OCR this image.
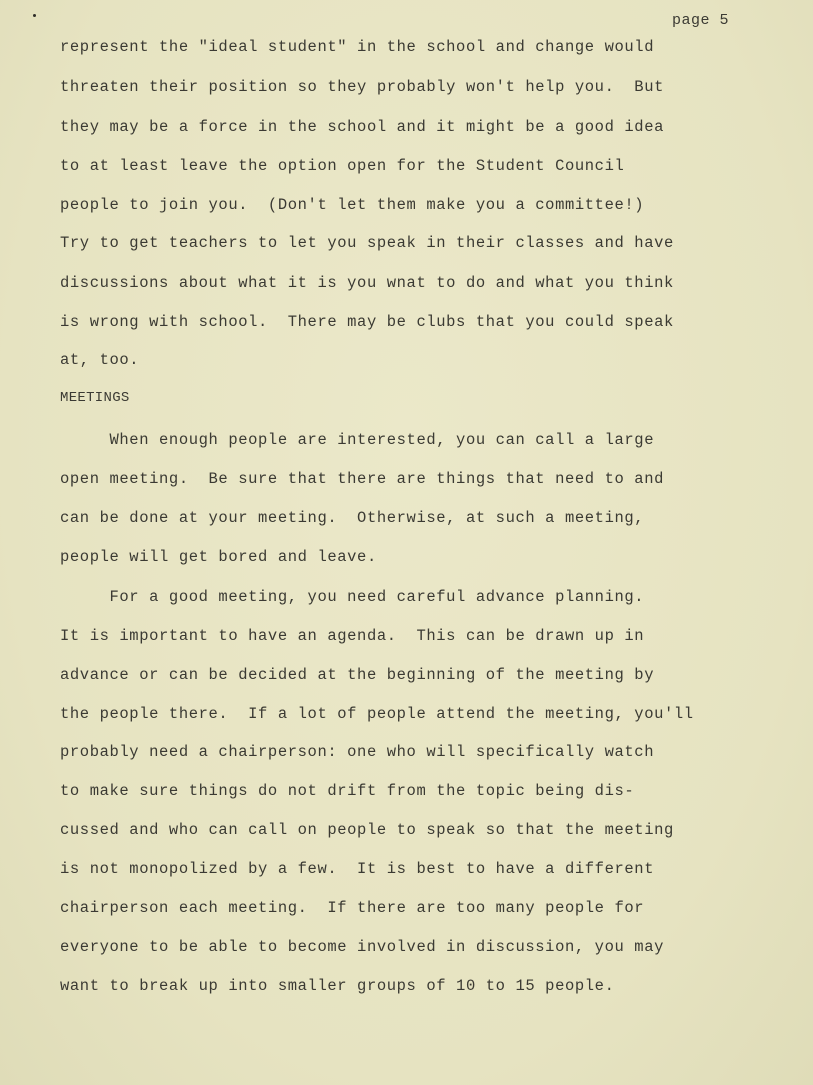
page 5
represent the "ideal student" in the school and change would
threaten their position so they probably won't help you.  But
they may be a force in the school and it might be a good idea
to at least leave the option open for the Student Council
people to join you.  (Don't let them make you a committee!)
Try to get teachers to let you speak in their classes and have
discussions about what it is you wnat to do and what you think
is wrong with school.  There may be clubs that you could speak
at, too.
MEETINGS
When enough people are interested, you can call a large
open meeting.  Be sure that there are things that need to and
can be done at your meeting.  Otherwise, at such a meeting,
people will get bored and leave.
For a good meeting, you need careful advance planning.
It is important to have an agenda.  This can be drawn up in
advance or can be decided at the beginning of the meeting by
the people there.  If a lot of people attend the meeting, you'll
probably need a chairperson: one who will specifically watch
to make sure things do not drift from the topic being dis-
cussed and who can call on people to speak so that the meeting
is not monopolized by a few.  It is best to have a different
chairperson each meeting.  If there are too many people for
everyone to be able to become involved in discussion, you may
want to break up into smaller groups of 10 to 15 people.
